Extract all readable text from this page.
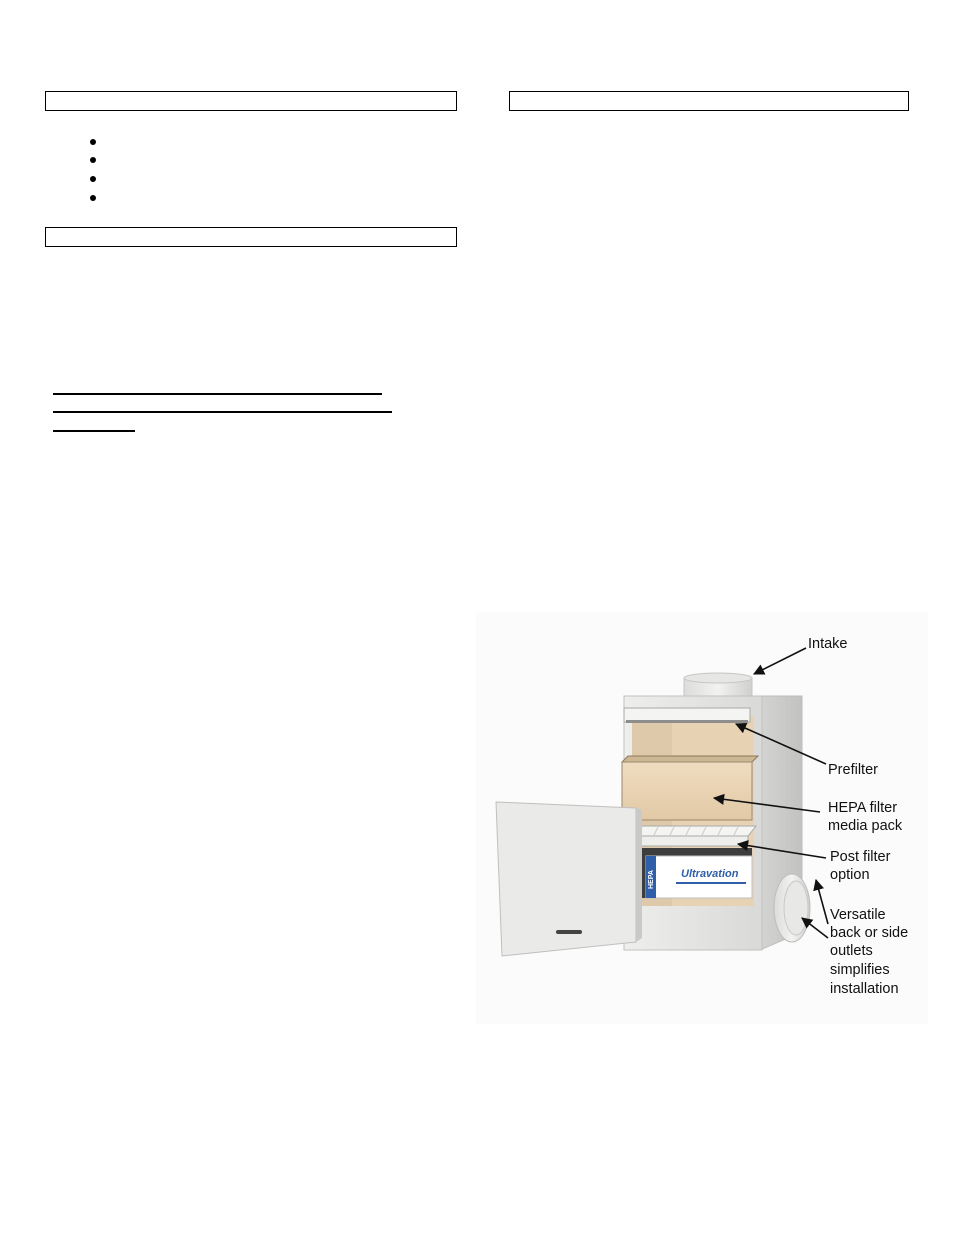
HEPA Ultravation
Intake
Prefilter
HEPA filter
media pack
Post filter
option
Versatile
back or side
outlets
simplifies
installation
